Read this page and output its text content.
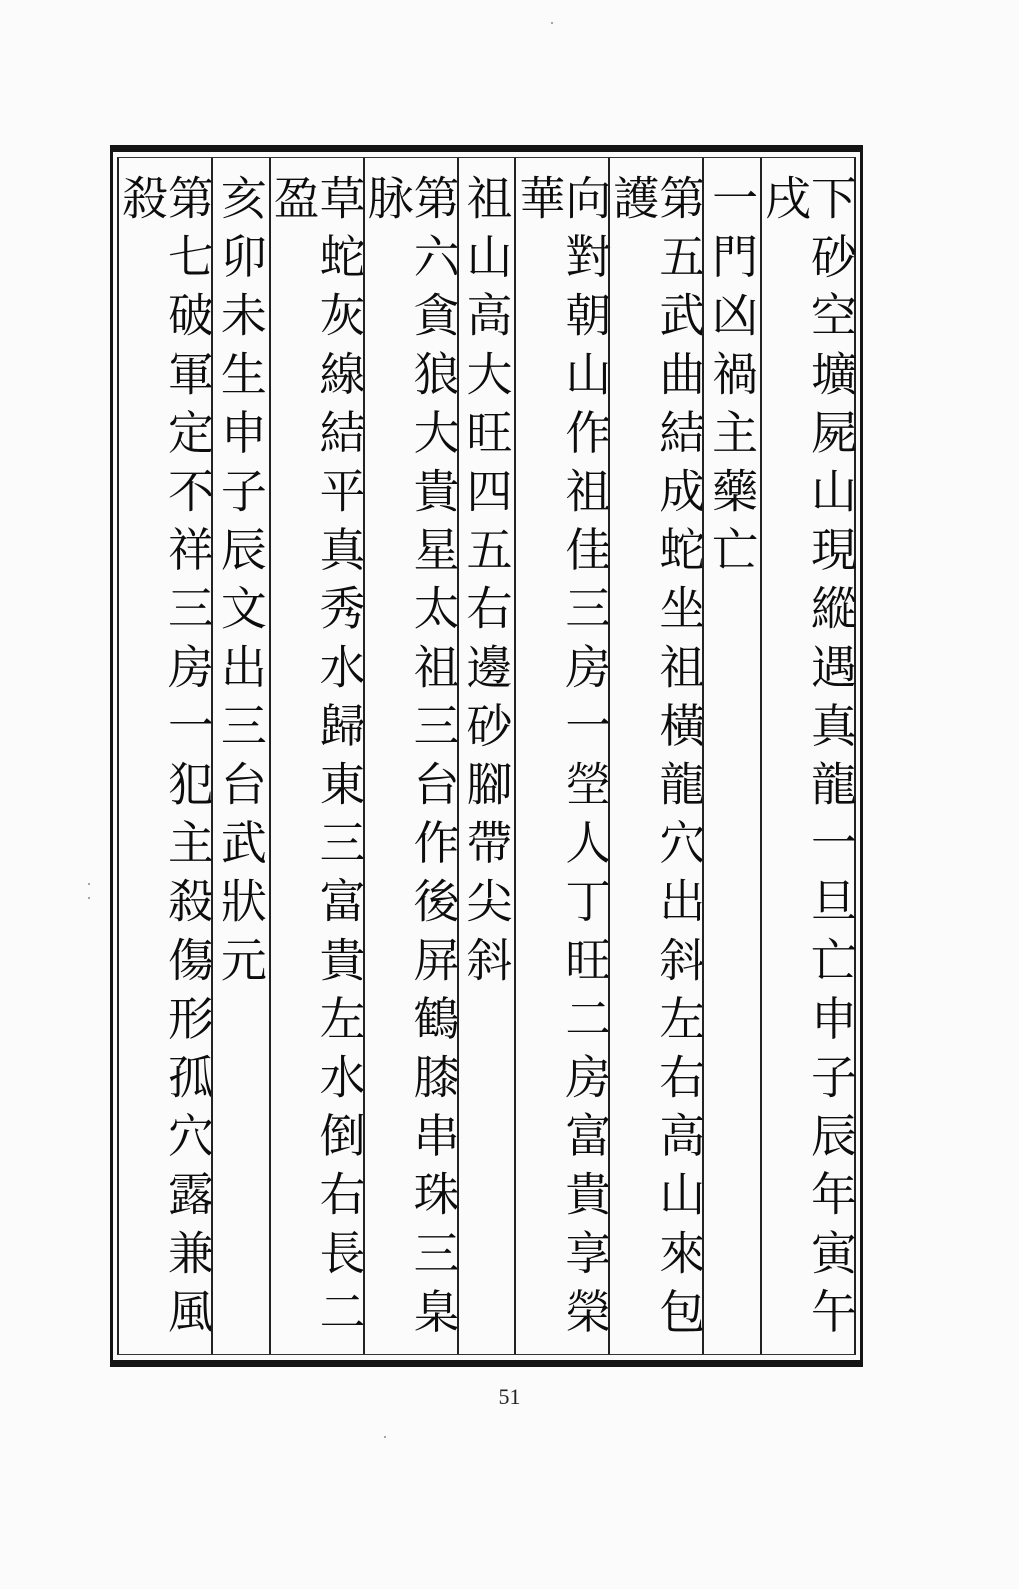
下砂空壙屍山現縱遇真龍一旦亡申子辰年寅午戌
一門凶禍主藥亡
第五武曲結成蛇坐祖橫龍穴出斜左右高山來包護
向對朝山作祖佳三房一塋人丁旺二房富貴享榮華
祖山高大旺四五右邊砂腳帶尖斜
第六貪狼大貴星太祖三台作後屏鶴膝串珠三臬脉
草蛇灰線結平真秀水歸東三富貴左水倒右長二盈
亥卯未生申子辰文出三台武狀元
第七破軍定不祥三房一犯主殺傷形孤穴露兼風殺
51
